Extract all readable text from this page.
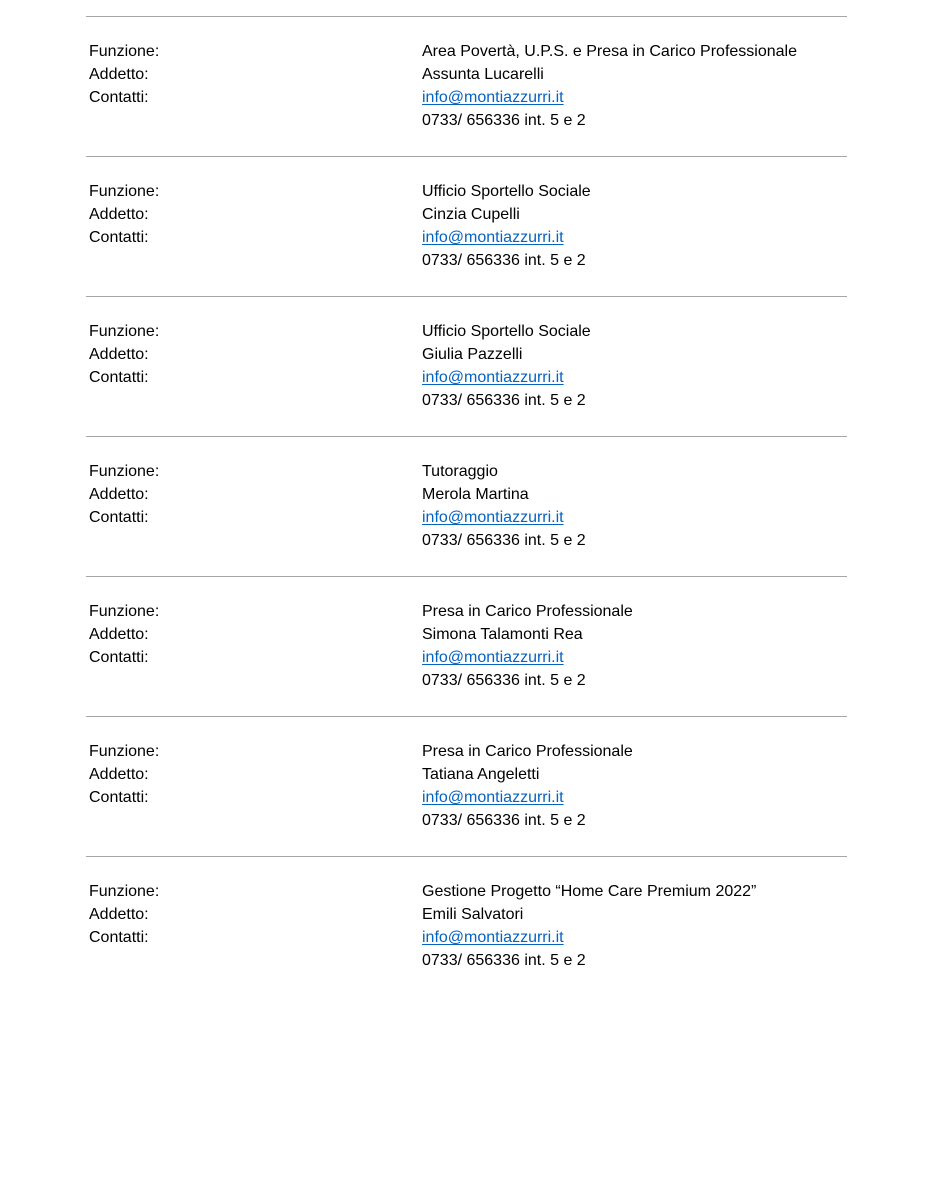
Funzione:
Addetto:
Contatti:
Area Povertà, U.P.S. e Presa in Carico Professionale
Assunta Lucarelli
info@montiazzurri.it
0733/ 656336 int. 5 e 2
Funzione:
Addetto:
Contatti:
Ufficio Sportello Sociale
Cinzia Cupelli
info@montiazzurri.it
0733/ 656336 int. 5 e 2
Funzione:
Addetto:
Contatti:
Ufficio Sportello Sociale
Giulia Pazzelli
info@montiazzurri.it
0733/ 656336 int. 5 e 2
Funzione:
Addetto:
Contatti:
Tutoraggio
Merola Martina
info@montiazzurri.it
0733/ 656336 int. 5 e 2
Funzione:
Addetto:
Contatti:
Presa in Carico Professionale
Simona Talamonti Rea
info@montiazzurri.it
0733/ 656336 int. 5 e 2
Funzione:
Addetto:
Contatti:
Presa in Carico Professionale
Tatiana Angeletti
info@montiazzurri.it
0733/ 656336 int. 5 e 2
Funzione:
Addetto:
Contatti:
Gestione Progetto “Home Care Premium 2022”
Emili Salvatori
info@montiazzurri.it
0733/ 656336 int. 5 e 2
